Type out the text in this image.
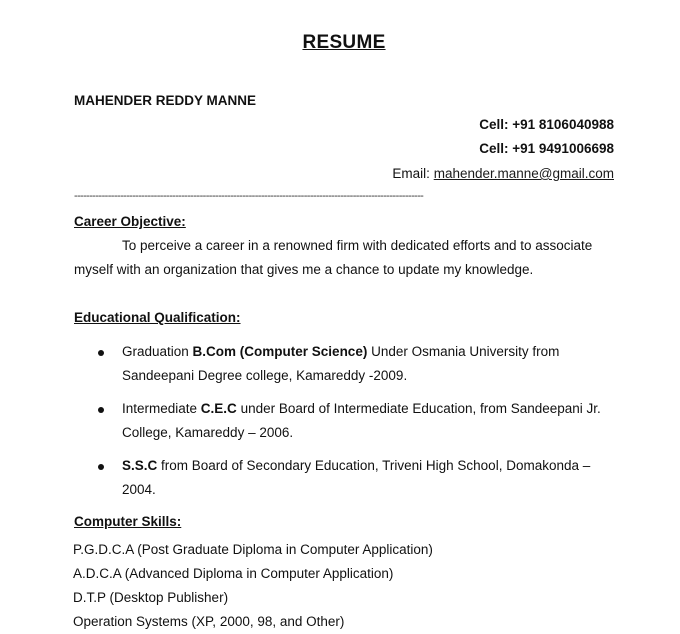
RESUME
MAHENDER REDDY MANNE
Cell: +91 8106040988
Cell: +91 9491006698
Email: mahender.manne@gmail.com
------------------------------------------------------------------------------------------------------------------
Career Objective:
To perceive a career in a renowned firm with dedicated efforts and to associate myself with an organization that gives me a chance to update my knowledge.
Educational Qualification:
Graduation B.Com (Computer Science) Under Osmania University from Sandeepani Degree college, Kamareddy -2009.
Intermediate C.E.C under Board of Intermediate Education, from Sandeepani Jr. College, Kamareddy – 2006.
S.S.C from Board of Secondary Education, Triveni High School, Domakonda – 2004.
Computer Skills:
P.G.D.C.A (Post Graduate Diploma in Computer Application)
A.D.C.A (Advanced Diploma in Computer Application)
D.T.P (Desktop Publisher)
Operation Systems (XP, 2000, 98, and Other)
